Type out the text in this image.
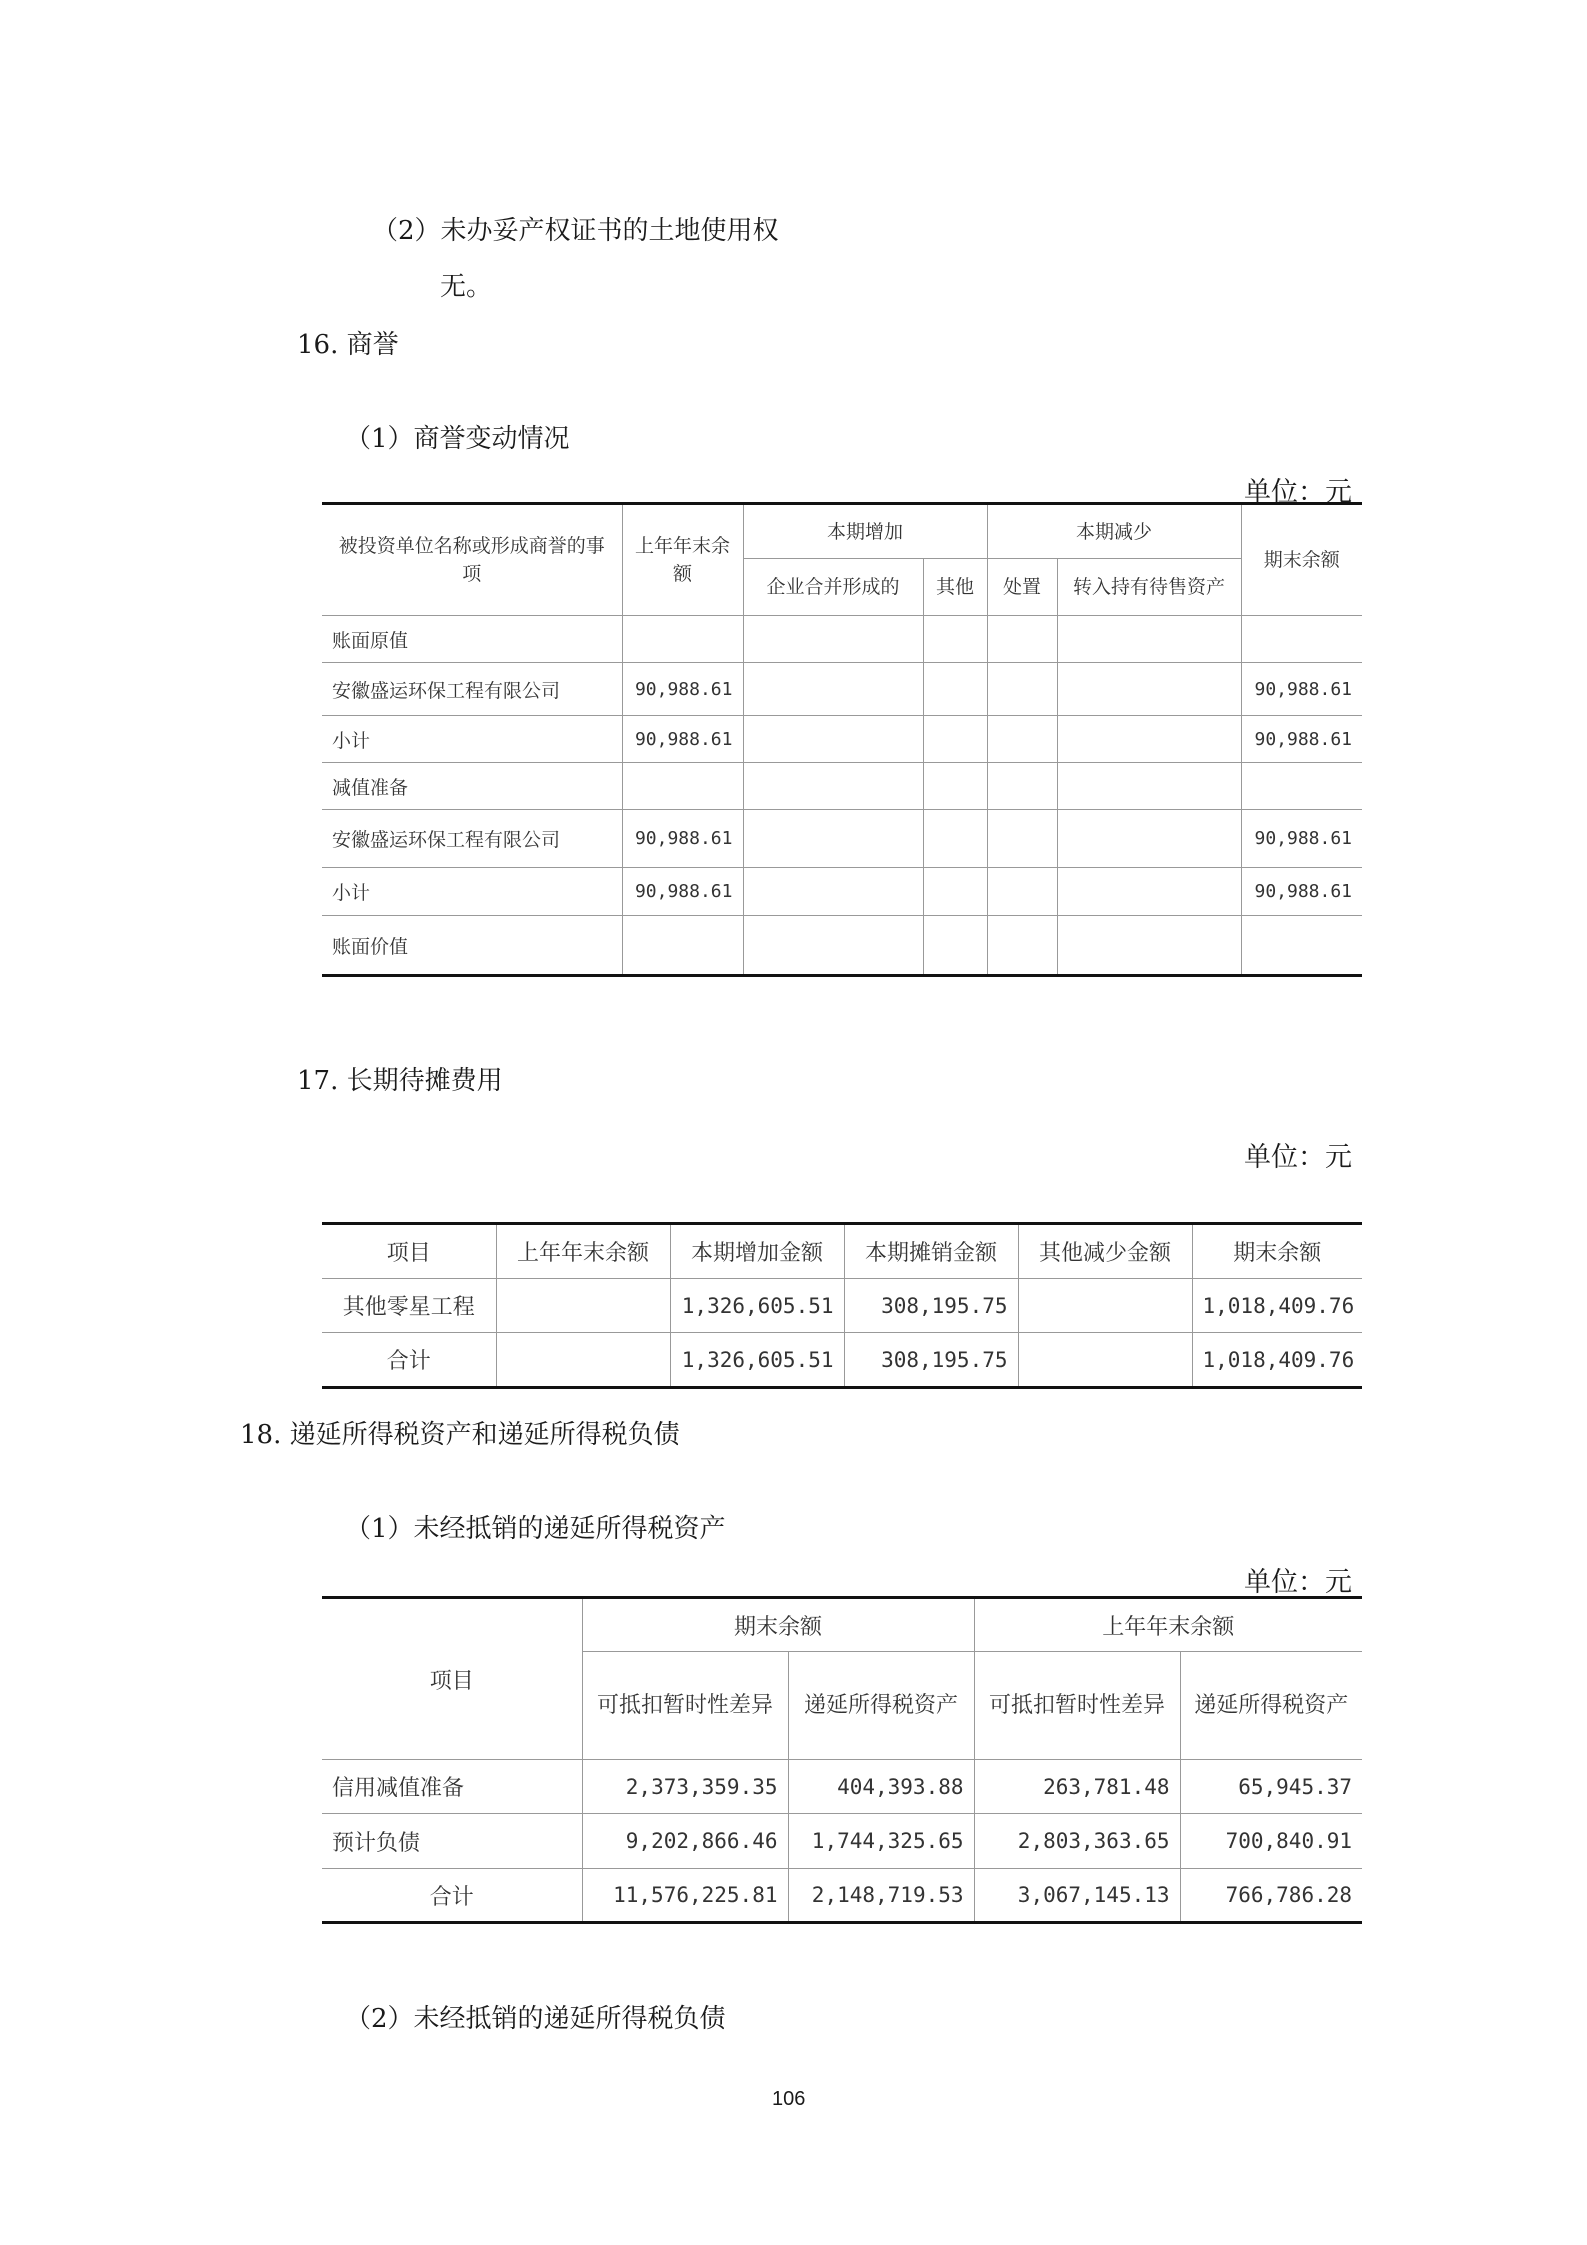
（2）未办妥产权证书的土地使用权
无。
16. 商誉
（1）商誉变动情况
单位：元
被投资单位名称或形成商誉的事项	上年年末余额	本期增加		本期减少		期末余额
		企业合并形成的	其他	处置	转入持有待售资产	
账面原值						
安徽盛运环保工程有限公司	90,988.61					90,988.61
小计	90,988.61					90,988.61
减值准备						
安徽盛运环保工程有限公司	90,988.61					90,988.61
小计	90,988.61					90,988.61
账面价值						
17. 长期待摊费用
单位：元
项目	上年年末余额	本期增加金额	本期摊销金额	其他减少金额	期末余额
其他零星工程		1,326,605.51	308,195.75		1,018,409.76
合计		1,326,605.51	308,195.75		1,018,409.76
18. 递延所得税资产和递延所得税负债
（1）未经抵销的递延所得税资产
单位：元
项目	期末余额		上年年末余额	
	可抵扣暂时性差异	递延所得税资产	可抵扣暂时性差异	递延所得税资产
信用减值准备	2,373,359.35	404,393.88	263,781.48	65,945.37
预计负债	9,202,866.46	1,744,325.65	2,803,363.65	700,840.91
合计	11,576,225.81	2,148,719.53	3,067,145.13	766,786.28
（2）未经抵销的递延所得税负债
106
